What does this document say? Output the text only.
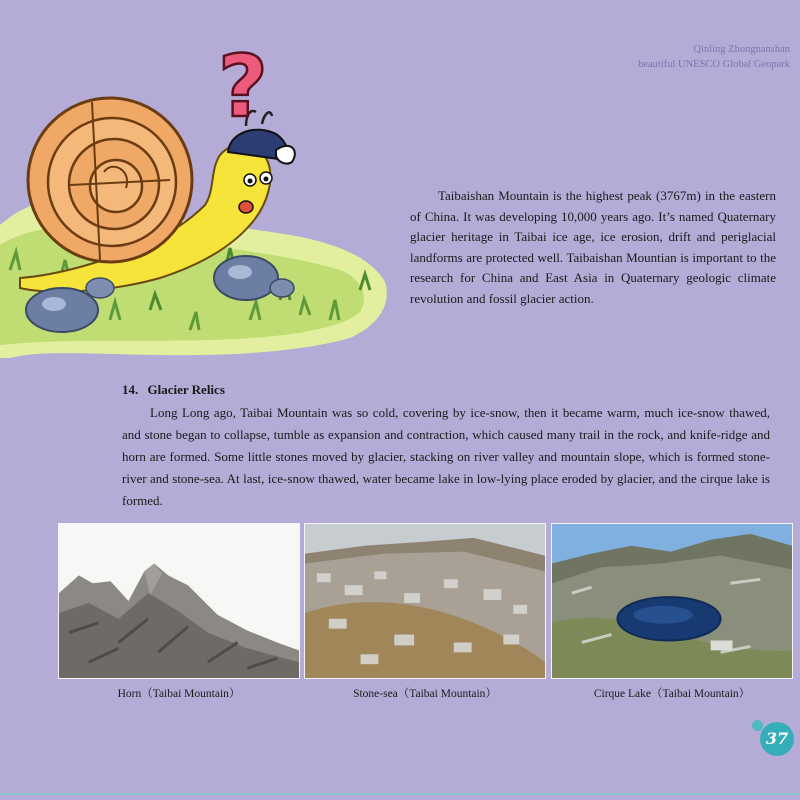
Qinling Zhongnanshan
beautiful UNESCO Global Geopark
?
Taibaishan Mountain is the highest peak (3767m) in the eastern of China. It was developing 10,000 years ago. It’s named Quaternary glacier heritage in Taibai ice age, ice erosion, drift and periglacial landforms are protected well. Taibaishan Mountian is important to the research for China and East Asia in Quaternary geologic climate revolution and fossil glacier action.
14. Glacier Relics
Long Long ago, Taibai Mountain was so cold, covering by ice-snow, then it became warm, much ice-snow thawed, and stone began to collapse, tumble as expansion and contraction, which caused many trail in the rock, and knife-ridge and horn are formed. Some little stones moved by glacier, stacking on river valley and mountain slope, which is formed stone-river and stone-sea. At last, ice-snow thawed, water became lake in low-lying place eroded by glacier, and the cirque lake is formed.
Horn（Taibai Mountain）	Stone-sea（Taibai Mountain）	Cirque Lake（Taibai Mountain）
37
